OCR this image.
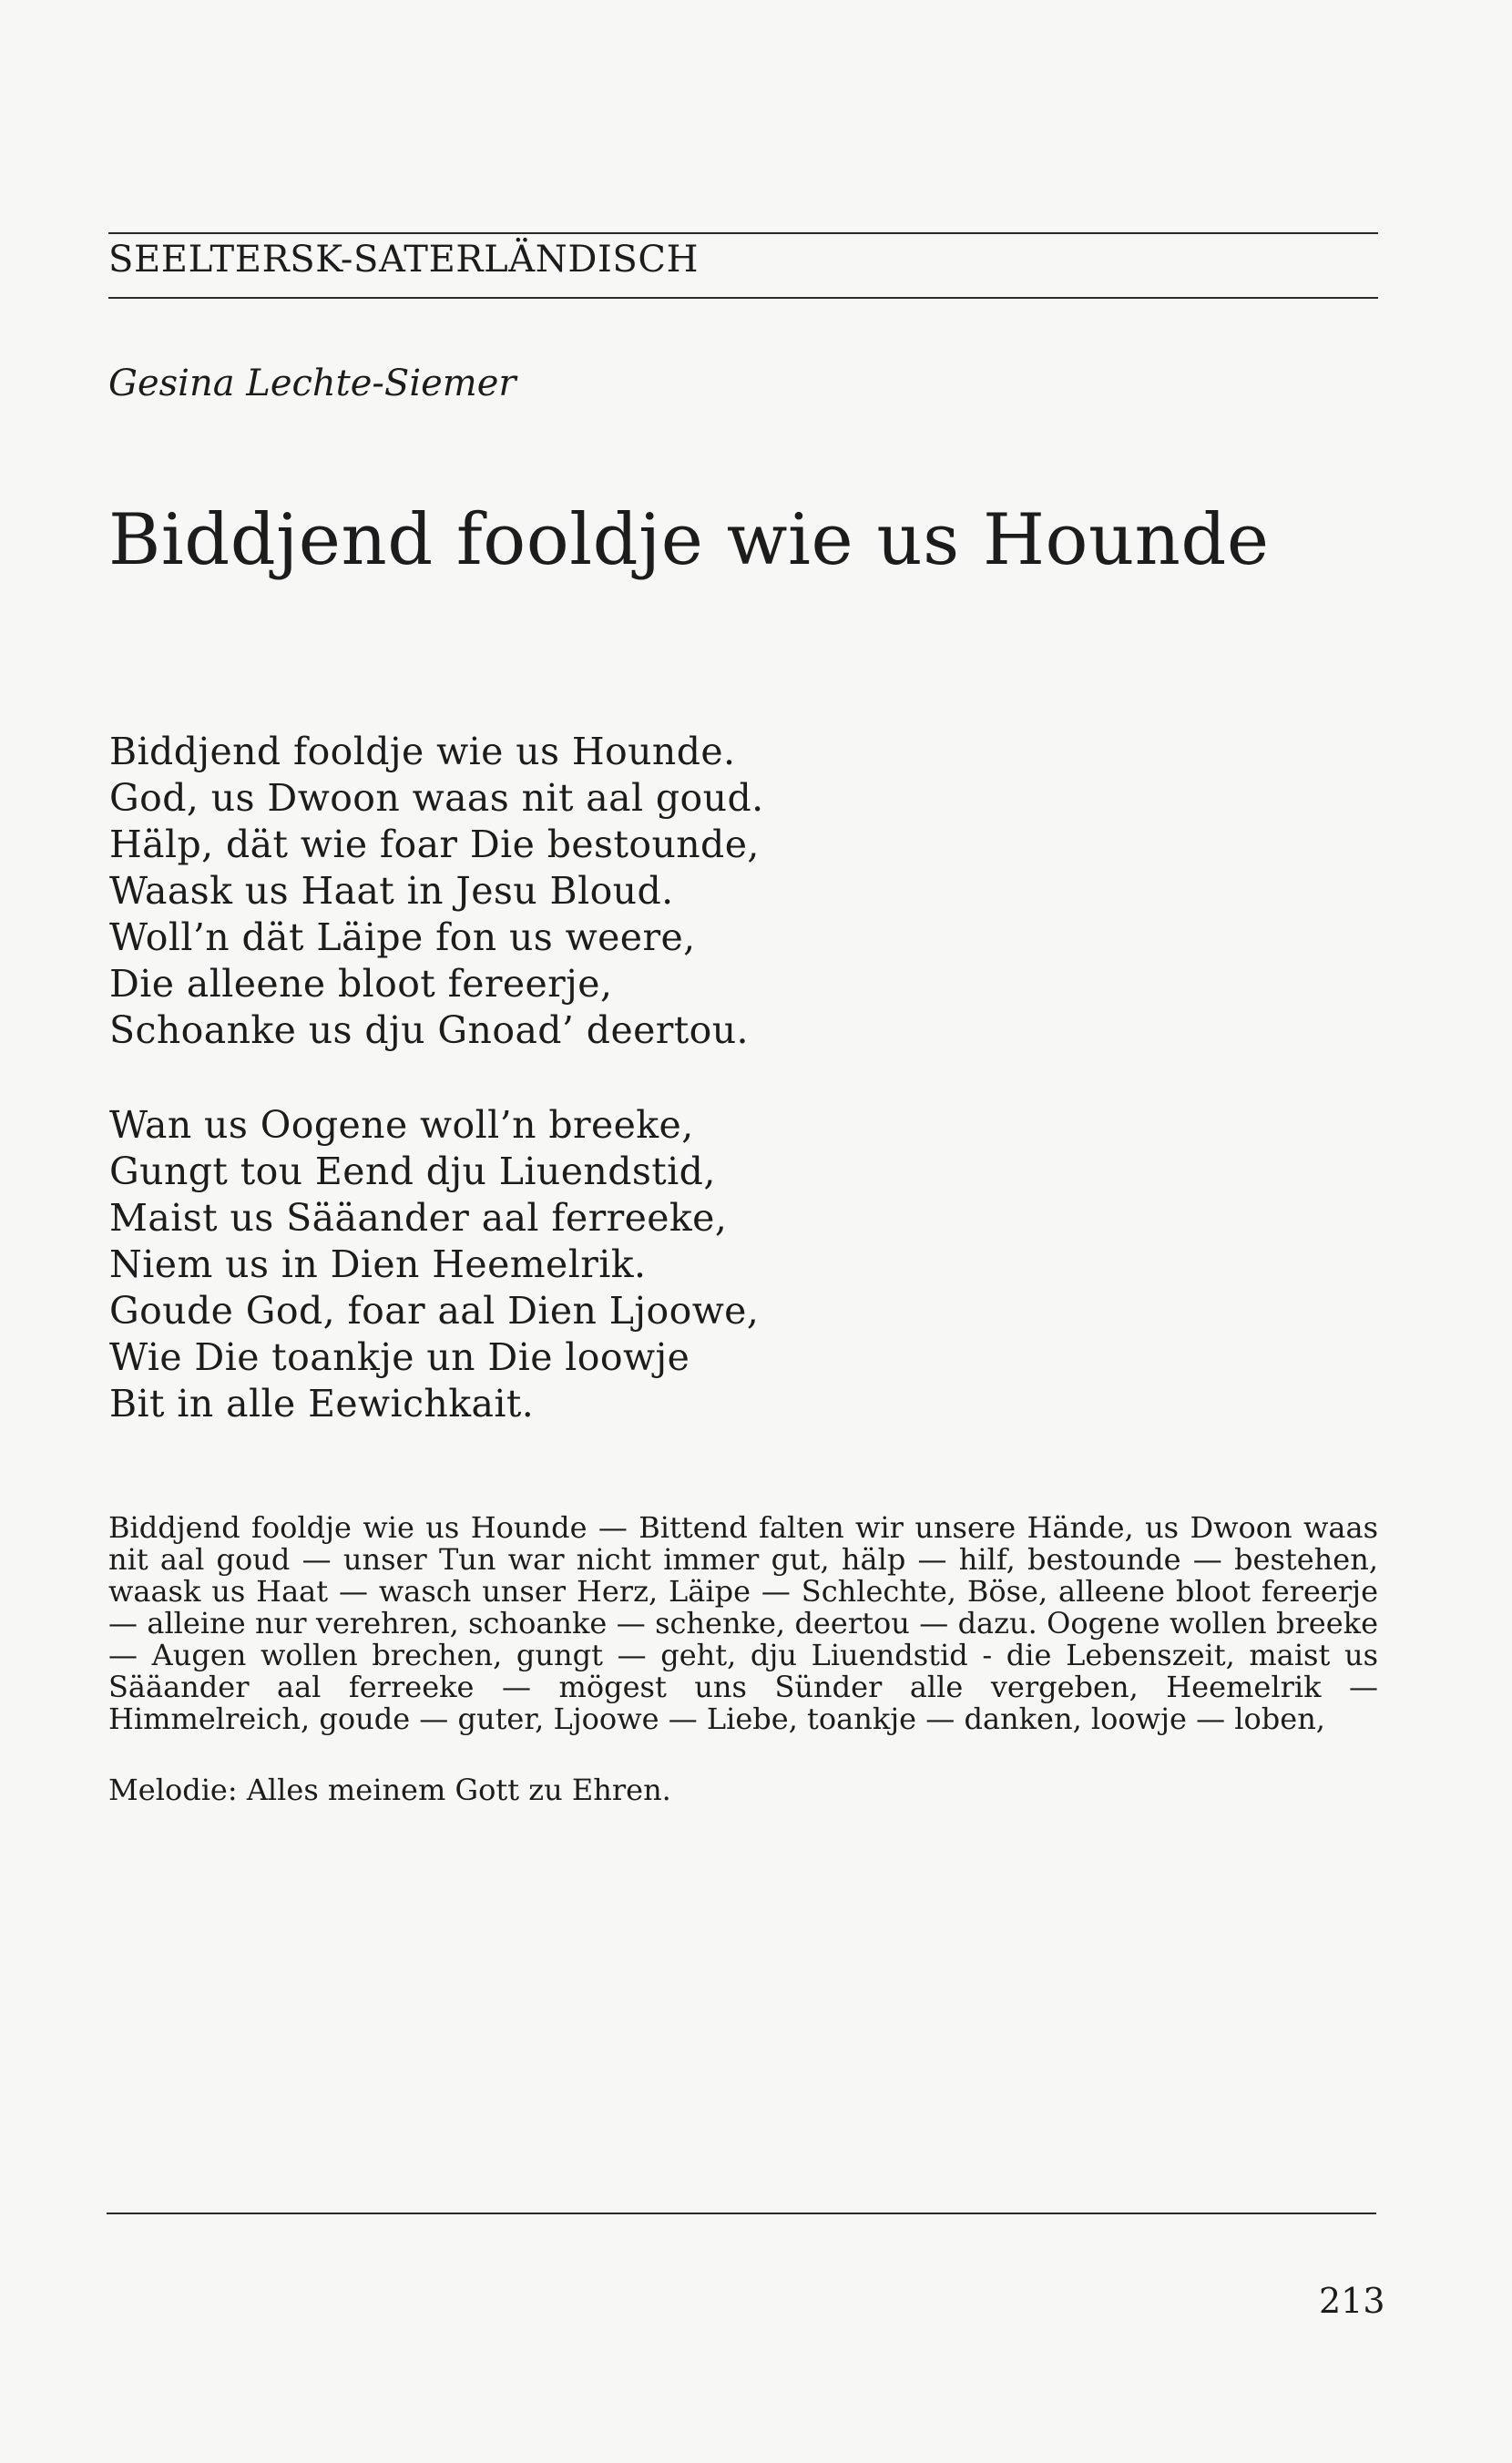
SEELTERSK-SATERLÄNDISCH
Gesina Lechte-Siemer
Biddjend fooldje wie us Hounde
Biddjend fooldje wie us Hounde.
God, us Dwoon waas nit aal goud.
Hälp, dät wie foar Die bestounde,
Waask us Haat in Jesu Bloud.
Woll’n dät Läipe fon us weere,
Die alleene bloot fereerje,
Schoanke us dju Gnoad’ deertou.
Wan us Oogene woll’n breeke,
Gungt tou Eend dju Liuendstid,
Maist us Sääander aal ferreeke,
Niem us in Dien Heemelrik.
Goude God, foar aal Dien Ljoowe,
Wie Die toankje un Die loowje
Bit in alle Eewichkait.

Biddjend fooldje wie us Hounde — Bittend falten wir unsere Hände, us Dwoon waas nit aal goud — unser Tun war nicht immer gut, hälp — hilf, bestounde — bestehen, waask us Haat — wasch unser Herz, Läipe — Schlechte, Böse, alleene bloot fereerje — alleine nur verehren, schoanke — schenke, deertou — dazu. Oogene wollen breeke — Augen wollen brechen, gungt — geht, dju Liuendstid - die Lebenszeit, maist us Sääander aal ferreeke — mögest uns Sünder alle vergeben, Heemelrik — Himmelreich, goude — guter, Ljoowe — Liebe, toankje — danken, loowje — loben,

Melodie: Alles meinem Gott zu Ehren.
213
